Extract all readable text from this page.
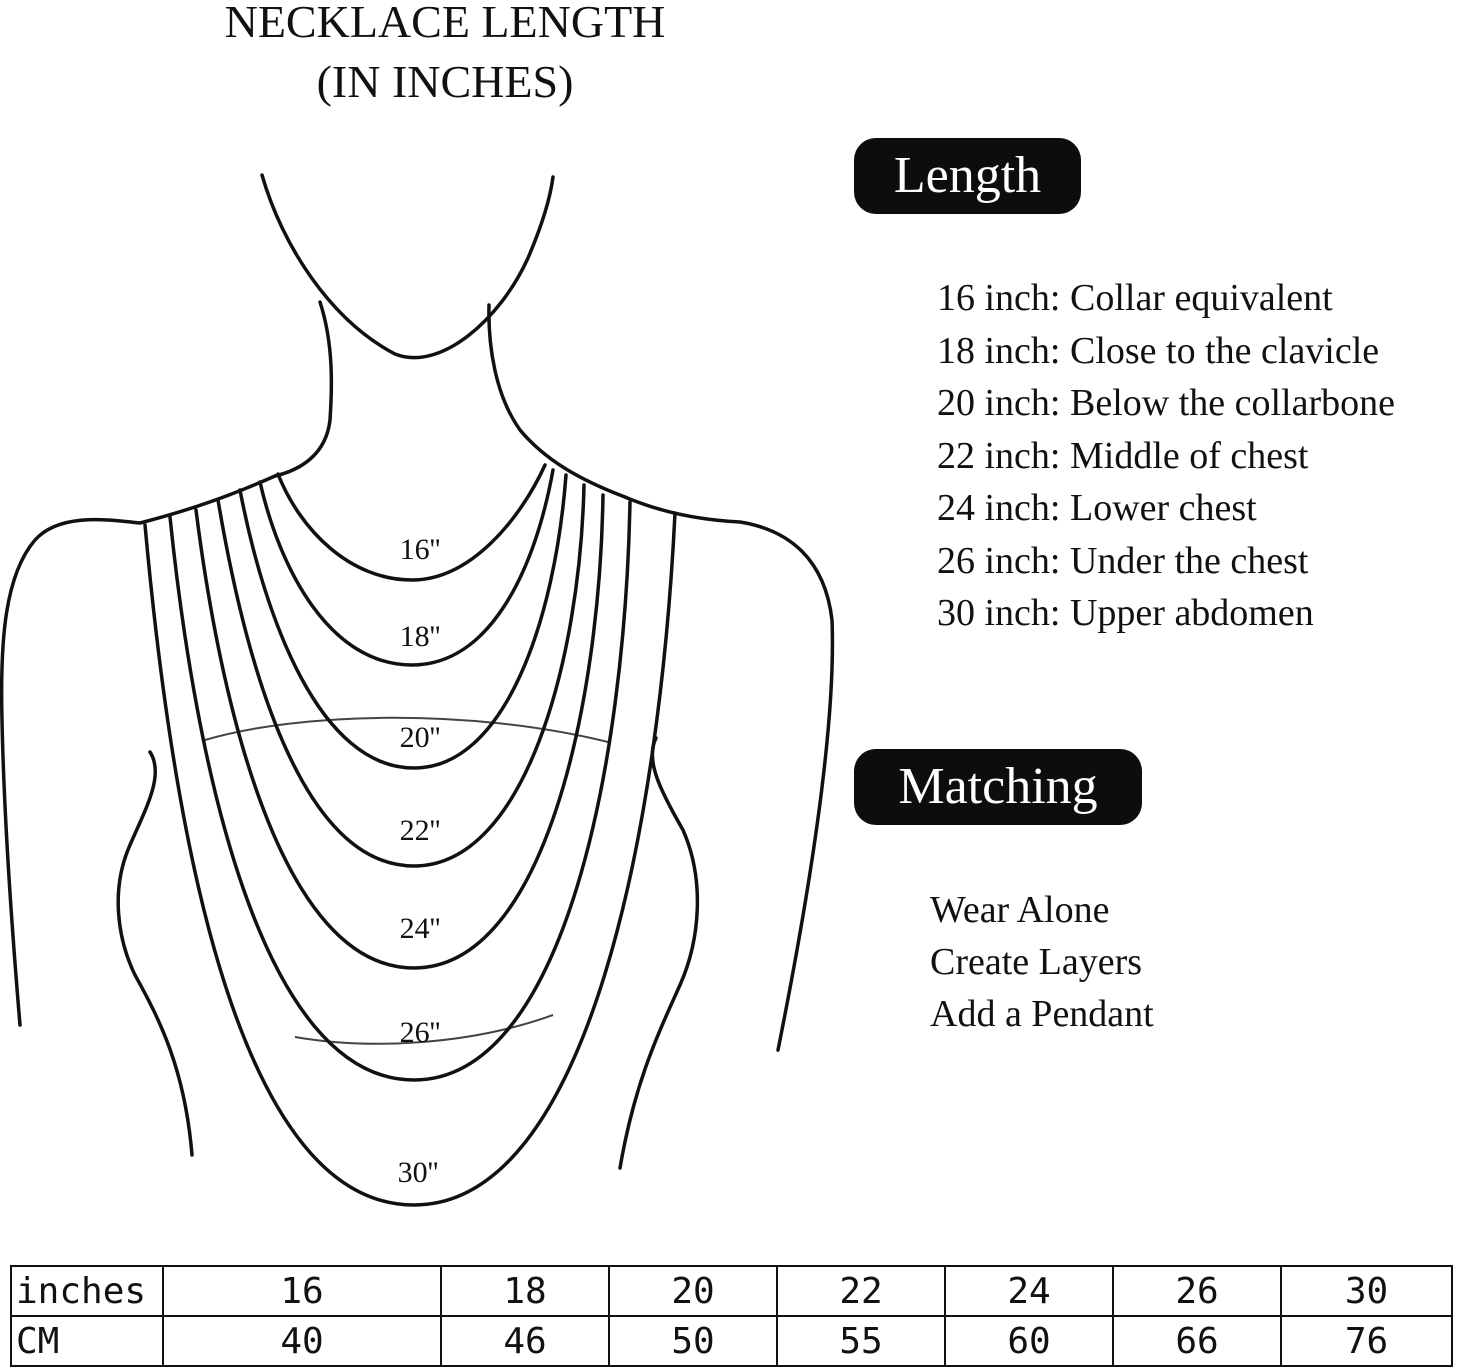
NECKLACE LENGTH
(IN INCHES)
16''
18''
20''
22''
24''
26''
30''
Length
16 inch: Collar equivalent
18 inch: Close to the clavicle
20 inch: Below the collarbone
22 inch: Middle of chest
24 inch: Lower chest
26 inch: Under the chest
30 inch: Upper abdomen
Matching
Wear Alone
Create Layers
Add a Pendant
inches	16	18	20	22	24	26	30
CM	40	46	50	55	60	66	76
